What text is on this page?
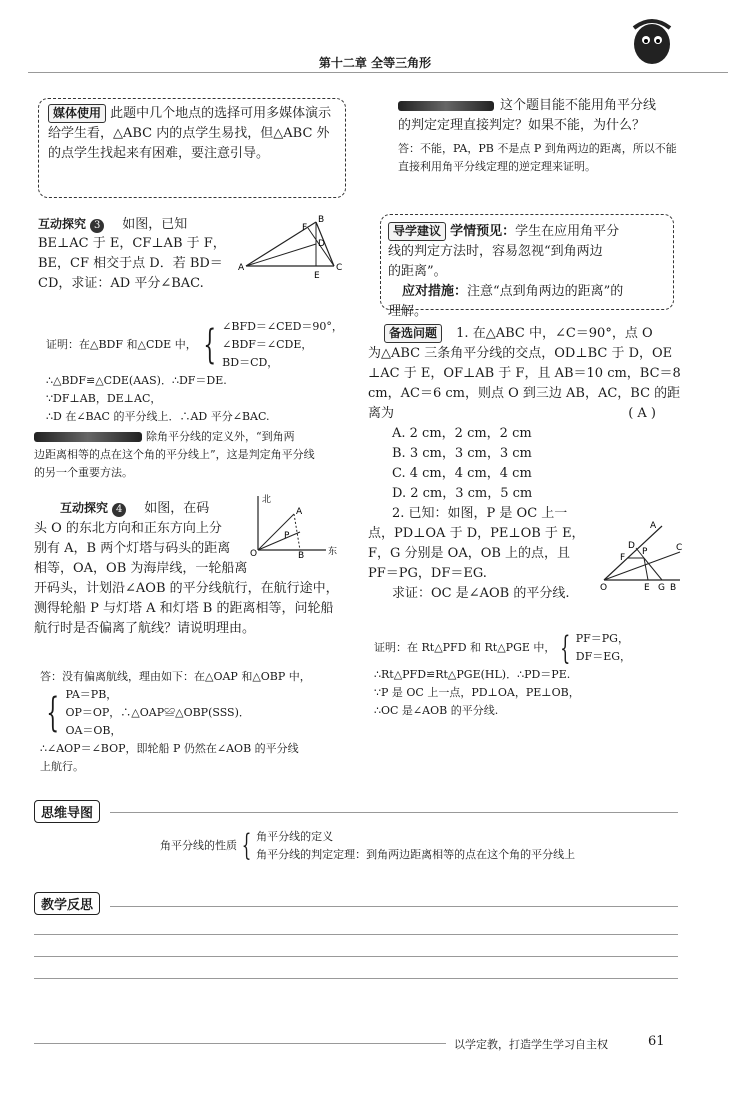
第十二章 全等三角形
媒体使用 此题中几个地点的选择可用多媒体演示给学生看，△ABC 内的点学生易找，但△ABC 外的点学生找起来有困难，要注意引导。
互动探究 3 如图，已知
BE⊥AC 于 E，CF⊥AB 于 F，
BE，CF 相交于点 D．若 BD＝
CD，求证：AD 平分∠BAC.
B
F
D
E
A	C
证明：在△BDF 和△CDE 中， { ∠BFD＝∠CED＝90°，
∠BDF＝∠CDE，
BD＝CD，
∴△BDF≌△CDE(AAS)．∴DF＝DE.
∵DF⊥AB，DE⊥AC，
∴D 在∠BAC 的平分线上．∴AD 平分∠BAC.
除角平分线的定义外，“到角两
边距离相等的点在这个角的平分线上”，这是判定角平分线
的另一个重要方法。
互动探究 4 如图，在码
头 O 的东北方向和正东方向上分
别有 A，B 两个灯塔与码头的距离
相等，OA，OB 为海岸线，一轮船离
开码头，计划沿∠AOB 的平分线航行，在航行途中，
测得轮船 P 与灯塔 A 和灯塔 B 的距离相等，问轮船
航行时是否偏离了航线？请说明理由。
北
东
A
P
B
O
答：没有偏离航线，理由如下：在△OAP 和△OBP 中，
{ PA＝PB，
OP＝OP，∴△OAP≌△OBP(SSS)．
OA＝OB，
∴∠AOP＝∠BOP，即轮船 P 仍然在∠AOB 的平分线
上航行。
这个题目能不能用角平分线
的判定定理直接判定？如果不能，为什么？
答：不能，PA，PB 不是点 P 到角两边的距离，所以不能
直接利用角平分线定理的逆定理来证明。
导学建议 学情预见：学生在应用角平分
线的判定方法时，容易忽视“到角两边
的距离”。
应对措施：注意“点到角两边的距离”的
理解。
备选问题 1. 在△ABC 中，∠C＝90°，点 O
为△ABC 三条角平分线的交点，OD⊥BC 于 D，OE
⊥AC 于 E，OF⊥AB 于 F，且 AB＝10 cm，BC＝8
cm，AC＝6 cm，则点 O 到三边 AB，AC，BC 的距
离为	( A )
A. 2 cm，2 cm，2 cm
B. 3 cm，3 cm，3 cm
C. 4 cm，4 cm，4 cm
D. 2 cm，3 cm，5 cm
2. 已知：如图，P 是 OC 上一
点，PD⊥OA 于 D，PE⊥OB 于 E，
F，G 分别是 OA，OB 上的点，且
PF＝PG，DF＝EG.
求证：OC 是∠AOB 的平分线.
A
D
F
P
O	E G B
C
证明：在 Rt△PFD 和 Rt△PGE 中， { PF＝PG，
DF＝EG，
∴Rt△PFD≌Rt△PGE(HL)．∴PD＝PE.
∵P 是 OC 上一点，PD⊥OA，PE⊥OB，
∴OC 是∠AOB 的平分线.
思维导图
角平分线的性质 { 角平分线的定义
角平分线的判定定理：到角两边距离相等的点在这个角的平分线上
教学反思
以学定教，打造学生学习自主权	61
